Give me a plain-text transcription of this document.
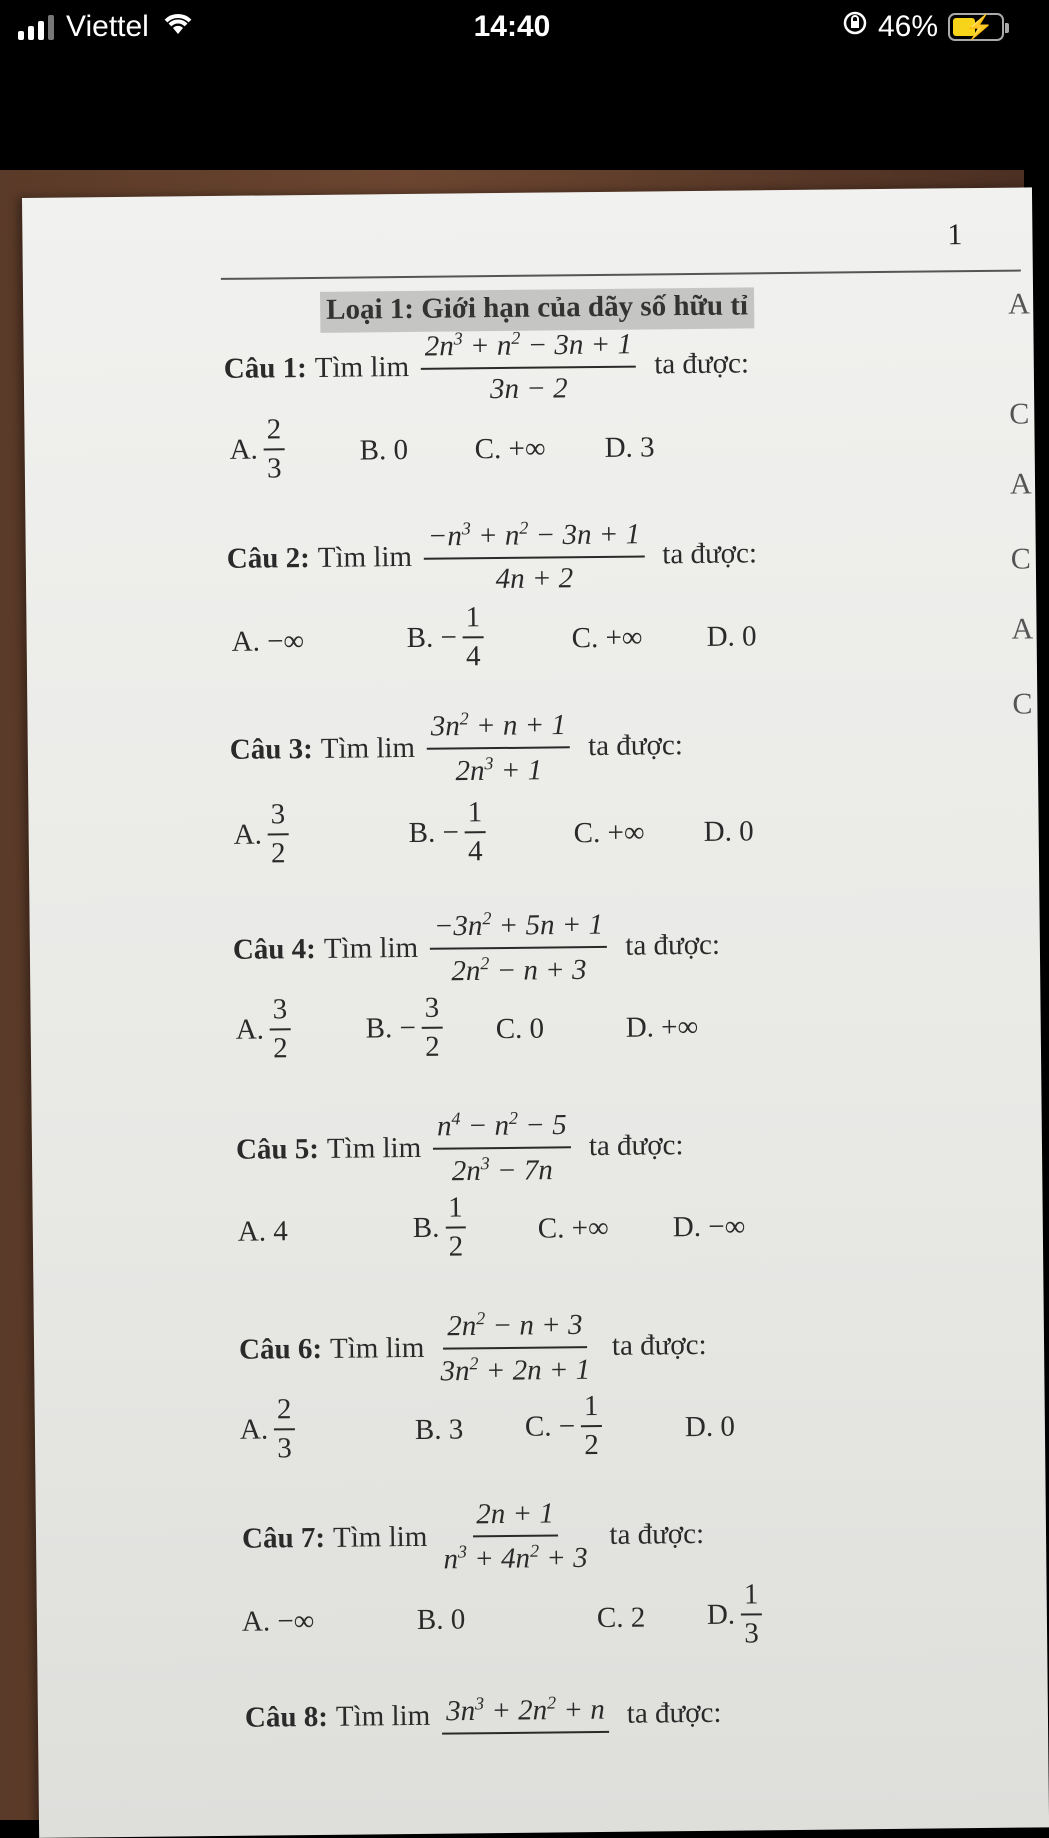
Viettel	14:40	46% ⚡
1
Loại 1: Giới hạn của dãy số hữu tỉ	A
C
A
C
A
C
Câu 1: Tìm $\lim \frac{2n^3 + n^2 - 3n + 1}{3n - 2}$ ta được:
A.
2
3
B. 0 C. +∞ D. 3
Câu 2: Tìm $\lim \frac{-n^3 + n^2 - 3n + 1}{4n + 2}$ ta được:
A. −∞	B. −
1
4
C. +∞ D. 0
Câu 3: Tìm $\lim \frac{3n^2 + n + 1}{2n^3 + 1}$ ta được:
A.
3
2
B. −
1
4
C. +∞ D. 0
Câu 4: Tìm $\lim \frac{-3n^2 + 5n + 1}{2n^2 - n + 3}$ ta được:
A.
3
2
B. −
3
2
C. 0	D. +∞
Câu 5: Tìm $\lim \frac{n^4 - n^2 - 5}{2n^3 - 7n}$ ta được:
A. 4	B.
1
2
C. +∞ D. −∞
Câu 6: Tìm $\lim \frac{2n^2 - n + 3}{3n^2 + 2n + 1}$ ta được:
A.
2
3
B. 3 C. −
1
2
D. 0
Câu 7: Tìm $\lim \frac{2n + 1}{n^3 + 4n^2 + 3}$ ta được:
A. −∞	B. 0	C. 2 D.
1
3
Câu 8: Tìm $\lim 3n^3 + 2n^2 + n$ ta được:
